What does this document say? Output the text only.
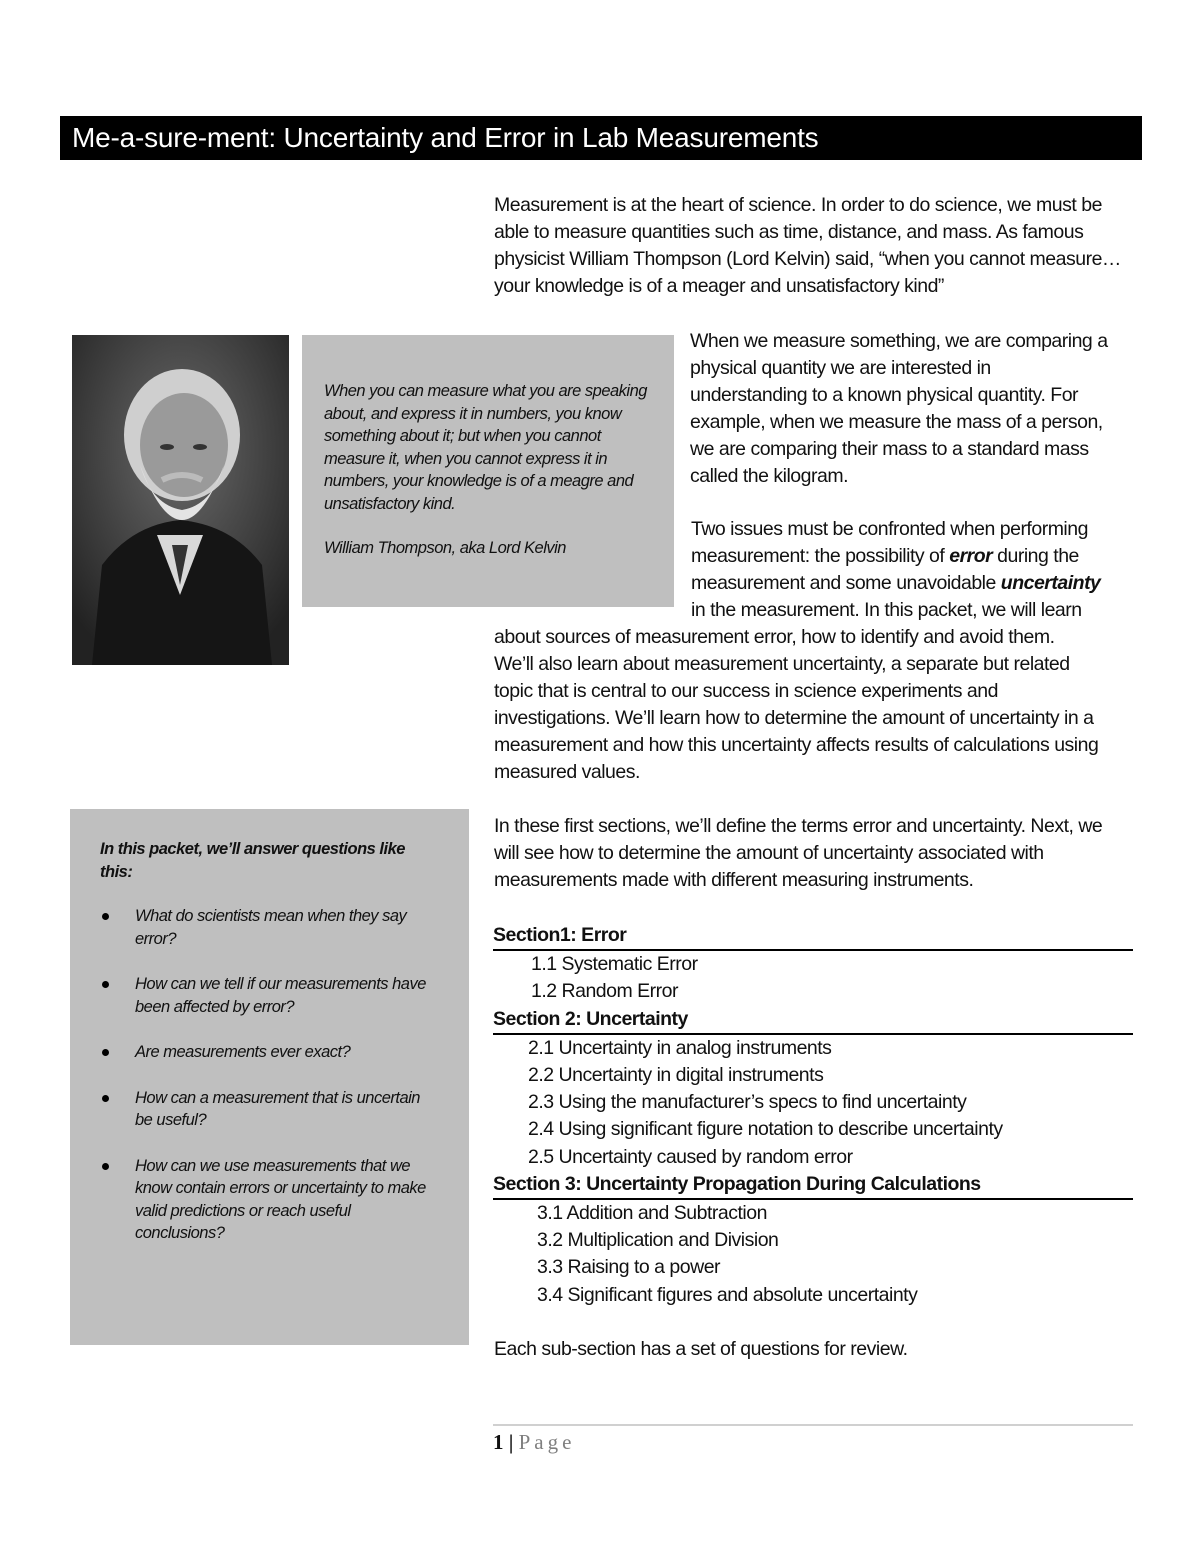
Me-a-sure-ment: Uncertainty and Error in Lab Measurements

Measurement is at the heart of science. In order to do science, we must be able to measure quantities such as time, distance, and mass. As famous physicist William Thompson (Lord Kelvin) said, “when you cannot measure… your knowledge is of a meager and unsatisfactory kind”

When you can measure what you are speaking about, and express it in numbers, you know something about it; but when you cannot measure it, when you cannot express it in numbers, your knowledge is of a meagre and unsatisfactory kind.

William Thompson, aka Lord Kelvin

When we measure something, we are comparing a
physical quantity we are interested in
understanding to a known physical quantity. For
example, when we measure the mass of a person,
we are comparing their mass to a standard mass
called the kilogram.
Two issues must be confronted when performing
measurement: the possibility of error during the
measurement and some unavoidable uncertainty
in the measurement. In this packet, we will learn
about sources of measurement error, how to identify and avoid them.
We’ll also learn about measurement uncertainty, a separate but related
topic that is central to our success in science experiments and
investigations. We’ll learn how to determine the amount of uncertainty in a
measurement and how this uncertainty affects results of calculations using
measured values.

In these first sections, we’ll define the terms error and uncertainty. Next, we will see how to determine the amount of uncertainty associated with measurements made with different measuring instruments.

In this packet, we’ll answer questions like this:

What do scientists mean when they say error?
How can we tell if our measurements have been affected by error?
Are measurements ever exact?
How can a measurement that is uncertain be useful?
How can we use measurements that we know contain errors or uncertainty to make valid predictions or reach useful conclusions?
Section1: Error
1.1 Systematic Error
1.2 Random Error
Section 2: Uncertainty
2.1 Uncertainty in analog instruments
2.2 Uncertainty in digital instruments
2.3 Using the manufacturer’s specs to find uncertainty
2.4 Using significant figure notation to describe uncertainty
2.5 Uncertainty caused by random error
Section 3: Uncertainty Propagation During Calculations
3.1 Addition and Subtraction
3.2 Multiplication and Division
3.3 Raising to a power
3.4 Significant figures and absolute uncertainty

Each sub-section has a set of questions for review.

1 | Page
